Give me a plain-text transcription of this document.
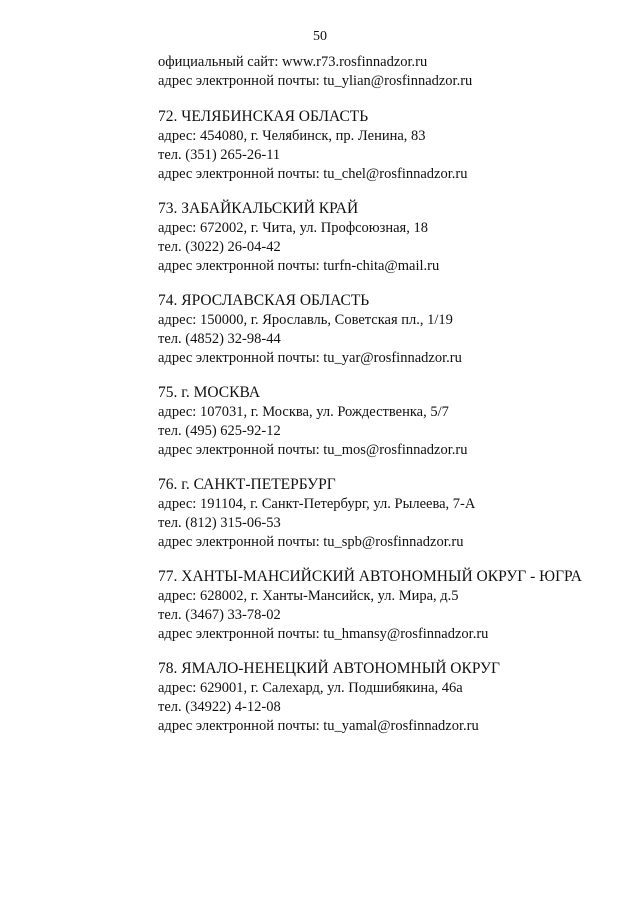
50
официальный сайт: www.r73.rosfinnadzor.ru
адрес электронной почты: tu_ylian@rosfinnadzor.ru
72. ЧЕЛЯБИНСКАЯ ОБЛАСТЬ
адрес: 454080, г. Челябинск, пр. Ленина, 83
тел. (351) 265-26-11
адрес электронной почты: tu_chel@rosfinnadzor.ru
73. ЗАБАЙКАЛЬСКИЙ КРАЙ
адрес: 672002, г. Чита, ул. Профсоюзная, 18
тел. (3022) 26-04-42
адрес электронной почты: turfn-chita@mail.ru
74. ЯРОСЛАВСКАЯ ОБЛАСТЬ
адрес: 150000, г. Ярославль, Советская пл., 1/19
тел. (4852) 32-98-44
адрес электронной почты: tu_yar@rosfinnadzor.ru
75. г. МОСКВА
адрес: 107031, г. Москва, ул. Рождественка, 5/7
тел. (495) 625-92-12
адрес электронной почты: tu_mos@rosfinnadzor.ru
76. г. САНКТ-ПЕТЕРБУРГ
адрес: 191104, г. Санкт-Петербург, ул. Рылеева, 7-А
тел. (812) 315-06-53
адрес электронной почты: tu_spb@rosfinnadzor.ru
77. ХАНТЫ-МАНСИЙСКИЙ АВТОНОМНЫЙ ОКРУГ - ЮГРА
адрес: 628002, г. Ханты-Мансийск, ул. Мира, д.5
тел. (3467) 33-78-02
адрес электронной почты: tu_hmansy@rosfinnadzor.ru
78. ЯМАЛО-НЕНЕЦКИЙ АВТОНОМНЫЙ ОКРУГ
адрес: 629001, г. Салехард, ул. Подшибякина, 46а
тел. (34922) 4-12-08
адрес электронной почты: tu_yamal@rosfinnadzor.ru
